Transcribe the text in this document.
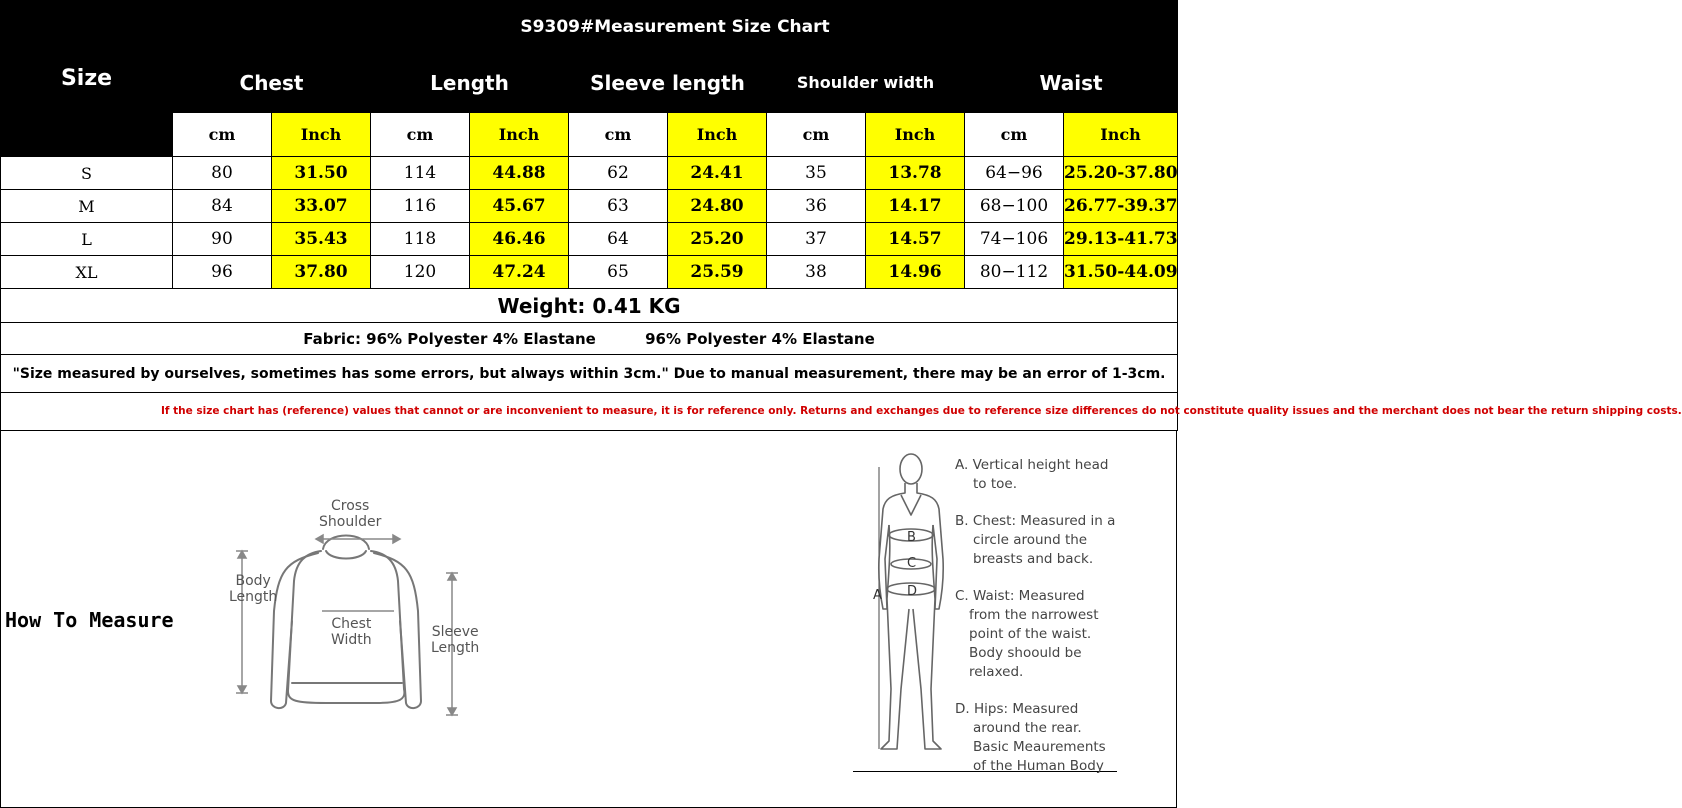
Size	S9309#Measurement Size Chart									
	Chest		Length		Sleeve length		Shoulder width		Waist	
	cm	Inch	cm	Inch	cm	Inch	cm	Inch	cm	Inch
S	80	31.50	114	44.88	62	24.41	35	13.78	64−96	25.20-37.80
M	84	33.07	116	45.67	63	24.80	36	14.17	68−100	26.77-39.37
L	90	35.43	118	46.46	64	25.20	37	14.57	74−106	29.13-41.73
XL	96	37.80	120	47.24	65	25.59	38	14.96	80−112	31.50-44.09
Weight: 0.41 KG										
Fabric: 96% Polyester 4% Elastane 96% Polyester 4% Elastane										
"Size measured by ourselves, sometimes has some errors, but always within 3cm." Due to manual measurement, there may be an error of 1-3cm.										
If the size chart has (reference) values that cannot or are inconvenient to measure, it is for reference only. Returns and exchanges due to reference size differences do not constitute quality issues and the merchant does not bear the return shipping costs.										
How To Measure
Cross
Shoulder
Body
Length
Chest
Width	Sleeve
Length
A
B
C
D

A. Vertical height head

to toe.

B. Chest: Measured in a

circle around the

breasts and back.

C. Waist: Measured

from the narrowest

point of the waist.

Body shoould be

relaxed.

D. Hips: Measured

around the rear.

Basic Meaurements

of the Human Body
